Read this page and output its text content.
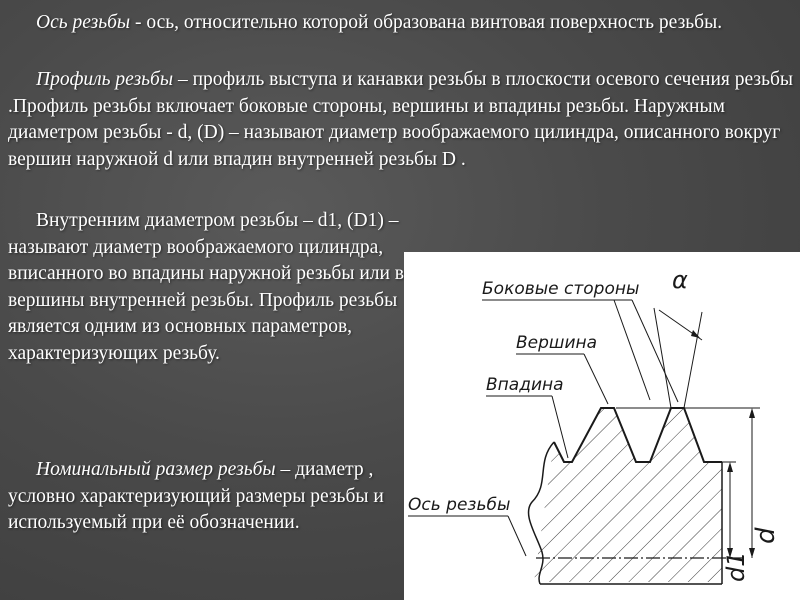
Ось резьбы - ось, относительно которой образована винтовая поверхность резьбы.

Профиль резьбы – профиль выступа и канавки резьбы в плоскости осевого сечения резьбы .Профиль резьбы включает боковые стороны, вершины и впадины резьбы. Наружным диаметром резьбы - d, (D) – называют диаметр воображаемого цилиндра, описанного вокруг вершин наружной d или впадин внутренней резьбы D .

Внутренним диаметром резьбы – d1, (D1) – называют диаметр воображаемого цилиндра, вписанного во впадины наружной резьбы или в вершины внутренней резьбы. Профиль резьбы является одним из основных параметров, характеризующих резьбу.

Номинальный размер резьбы – диаметр , условно характеризующий размеры резьбы и используемый при её обозначении.

Боковые стороны α
Вершина
Впадина
Ось резьбы
d
d1
